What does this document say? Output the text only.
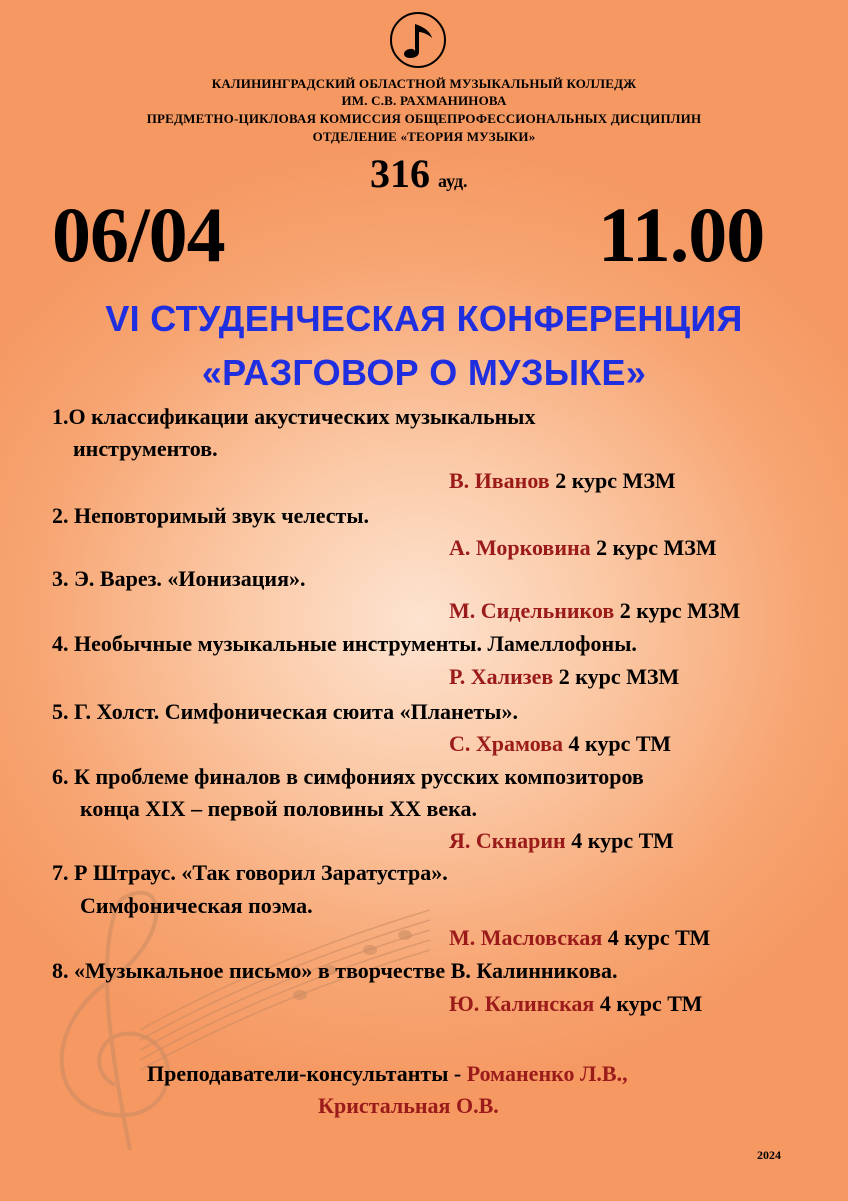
КАЛИНИНГРАДСКИЙ ОБЛАСТНОЙ МУЗЫКАЛЬНЫЙ КОЛЛЕДЖ
ИМ. С.В. РАХМАНИНОВА
ПРЕДМЕТНО-ЦИКЛОВАЯ КОМИССИЯ ОБЩЕПРОФЕССИОНАЛЬНЫХ ДИСЦИПЛИН
ОТДЕЛЕНИЕ «ТЕОРИЯ МУЗЫКИ»
316 ауд.
06/04	11.00
VI СТУДЕНЧЕСКАЯ КОНФЕРЕНЦИЯ
«РАЗГОВОР О МУЗЫКЕ»
1.О классификации акустических музыкальных
инструментов.
В. Иванов 2 курс МЗМ
2. Неповторимый звук челесты.
А. Морковина 2 курс МЗМ
3. Э. Варез. «Ионизация».
М. Сидельников 2 курс МЗМ
4. Необычные музыкальные инструменты. Ламеллофоны.
Р. Хализев 2 курс МЗМ
5. Г. Холст. Симфоническая сюита «Планеты».
С. Храмова 4 курс ТМ
6. К проблеме финалов в симфониях русских композиторов
конца XIX – первой половины XX века.
Я. Скнарин 4 курс ТМ
7. Р Штраус. «Так говорил Заратустра».
Симфоническая поэма.
М. Масловская 4 курс ТМ
8. «Музыкальное письмо» в творчестве В. Калинникова.
Ю. Калинская 4 курс ТМ
Преподаватели-консультанты - Романенко Л.В.,
Кристальная О.В.
2024
